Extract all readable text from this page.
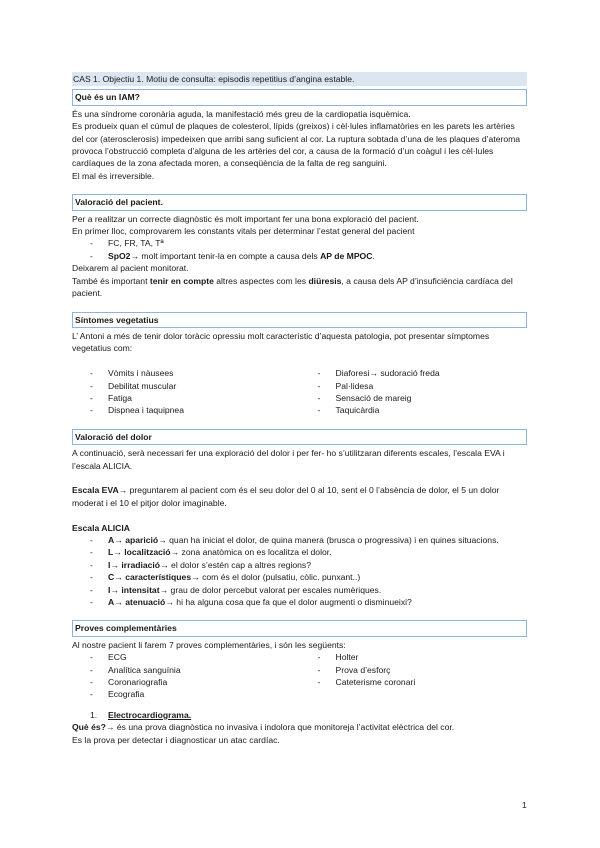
CAS 1. Objectiu 1. Motiu de consulta: episodis repetitius d’angina estable.

Què és un IAM?

És una síndrome coronària aguda, la manifestació més greu de la cardiopatia isquèmica.

Es produeix quan el cúmul de plaques de colesterol, lípids (greixos) i cèl·lules inflamatòries en les parets les artèries del cor (aterosclerosis) impedeixen que arribi sang suficient al cor. La ruptura sobtada d’una de les plaques d’ateroma provoca l’obstrucció completa d’alguna de les artèries del cor, a causa de la formació d’un coàgul i les cèl·lules cardíaques de la zona afectada moren, a conseqüència de la falta de reg sanguini.

El mal és irreversible.

Valoració del pacient.

Per a realitzar un correcte diagnòstic és molt important fer una bona exploració del pacient.

En primer lloc, comprovarem les constants vitals per determinar l’estat general del pacient

- FC, FR, TA, Tª
- SpO2→ molt important tenir-la en compte a causa dels AP de MPOC.

Deixarem al pacient monitorat.

També és important tenir en compte altres aspectes com les diüresis, a causa dels AP d’insuficiència cardíaca del pacient.

Síntomes vegetatius

L’ Antoni a més de tenir dolor toràcic opressiu molt característic d’aquesta patologia, pot presentar símptomes vegetatius com:

- Vòmits i nàusees
- Debilitat muscular
- Fatiga
- Dispnea i taquipnea
- Diaforesi→ sudoració freda
- Pal·lidesa
- Sensació de mareig
- Taquicàrdia

Valoració del dolor

A continuació, serà necessari fer una exploració del dolor i per fer- ho s’utilitzaran diferents escales, l’escala EVA i l’escala ALICIA.

Escala EVA→ preguntarem al pacient com és el seu dolor del 0 al 10, sent el 0 l’absència de dolor, el 5 un dolor moderat i el 10 el pitjor dolor imaginable.

Escala ALICIA

- A→ aparició→ quan ha iniciat el dolor, de quina manera (brusca o progressiva) i en quines situacions.
- L→ localització→ zona anatòmica on es localitza el dolor.
- I→ irradiació→ el dolor s’estén cap a altres regions?
- C→ característiques→ com és el dolor (pulsatiu, còlic. punxant..)
- I→ intensitat→ grau de dolor percebut valorat per escales numèriques.
- A→ atenuació→ hi ha alguna cosa que fa que el dolor augmenti o disminueixi?

Proves complementàries

Al nostre pacient li farem 7 proves complementàries, i són les següents:

- ECG
- Analítica sanguínia
- Coronariografia
- Ecografia
- Holter
- Prova d’esforç
- Cateterisme coronari

1. Electrocardiograma.

Què és?→ és una prova diagnòstica no invasiva i indolora que monitoreja l’activitat elèctrica del cor.

Es la prova per detectar i diagnosticar un atac cardíac.

1
